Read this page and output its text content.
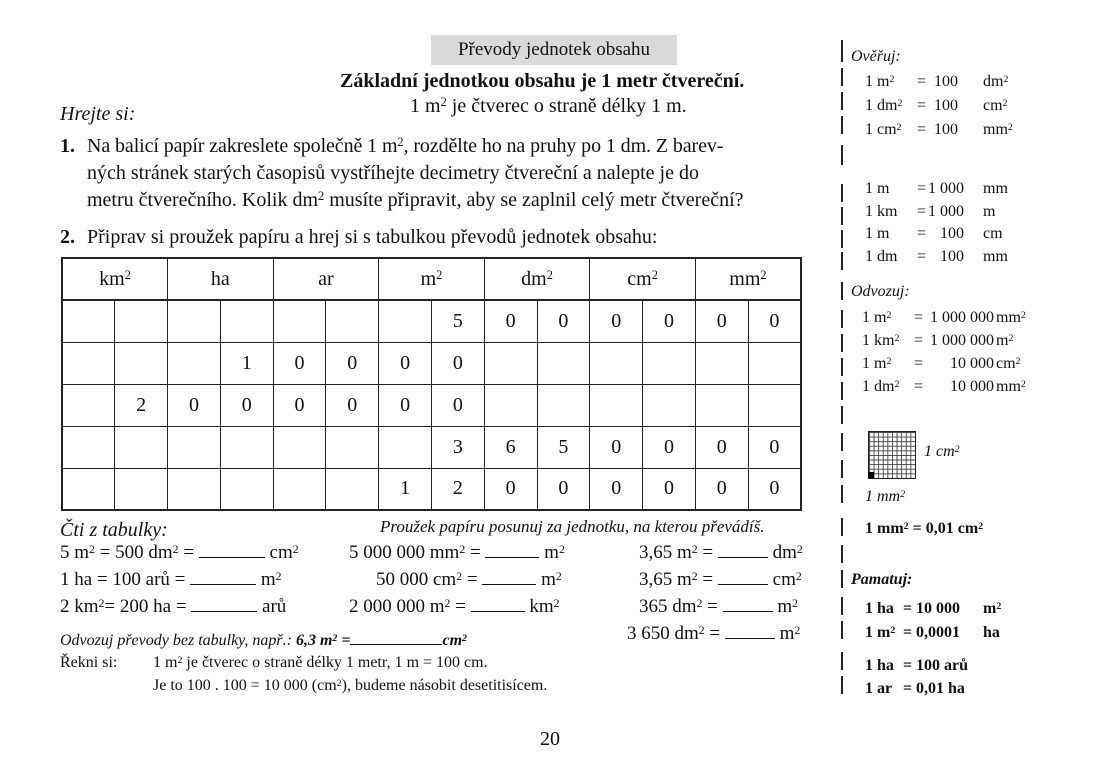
Převody jednotek obsahu
Základní jednotkou obsahu je 1 metr čtvereční.
1 $m^2$ je čtverec o straně délky 1 m.
Hrejte si:
1. Na balicí papír zakreslete společně 1 $m^2$, rozdělte ho na pruhy po 1 dm. Z barev-
ných stránek starých časopisů vystříhejte decimetry čtvereční a nalepte je do
metru čtverečního. Kolik $dm^2$ musíte připravit, aby se zaplnil celý metr čtvereční?
2. Připrav si proužek papíru a hrej si s tabulkou převodů jednotek obsahu:
$km^2$		ha		ar		$m^2$		$dm^2$		$cm^2$		$mm^2$
							5	0	0	0	0	0	0
			1	0	0	0	0						
	2	0	0	0	0	0	0						
							3	6	5	0	0	0	0
						1	2	0	0	0	0	0	0
Čti z tabulky:	Proužek papíru posunuj za jednotku, na kterou převádíš.
5 $m^2 = 500$ $dm^2$ =	$cm^2$
1 ha = 100 arů =	$m^2$
2 $km^2= 200$ ha =	arů
5 000 000 $mm^2$ =	$m^2$
50 000 $cm^2$ =	$m^2$
2 000 000 $m^2$ =	$km^2$
3,65 $m^2$ =	$dm^2$
3,65 $m^2$ =	$cm^2$
365 $dm^2$ =	$m^2$
3 650 $dm^2$ =	$m^2$
Odvozuj převody bez tabulky, např.: 6,3 $m^2$ =	$cm^2$
Řekni si: 1 $m^2$ je čtverec o straně délky 1 metr, 1 m = 100 cm.
Je to 100 . 100 = 10 000 $(cm^2)$, budeme násobit desetitisícem.
Ověřuj:
1 $m^2 = 100$ $dm^2$
1 $dm^2 = 100$ $cm^2$
1 $cm^2 = 100$ $mm^2$
1 m = 1 000 mm
1 km = 1 000 m
1 m = 100 cm
1 dm = 100 mm
Odvozuj:
1 $m^2 = 1$ 000 000 $mm^2$
1 $km^2 = 1$ 000 000 $m^2$
1 $m^2 = 10$ 000 $cm^2$
1 $dm^2 = 10$ 000 $mm^2$
1 $cm^2$
1 $mm^2$
1 $mm^2 = 0,01$ $cm^2$
Pamatuj:
1 ha = 10 000 $m^2$
1 $m^2 = 0,0001$ ha
1 ha = 100 arů
1 ar = 0,01 ha
20
